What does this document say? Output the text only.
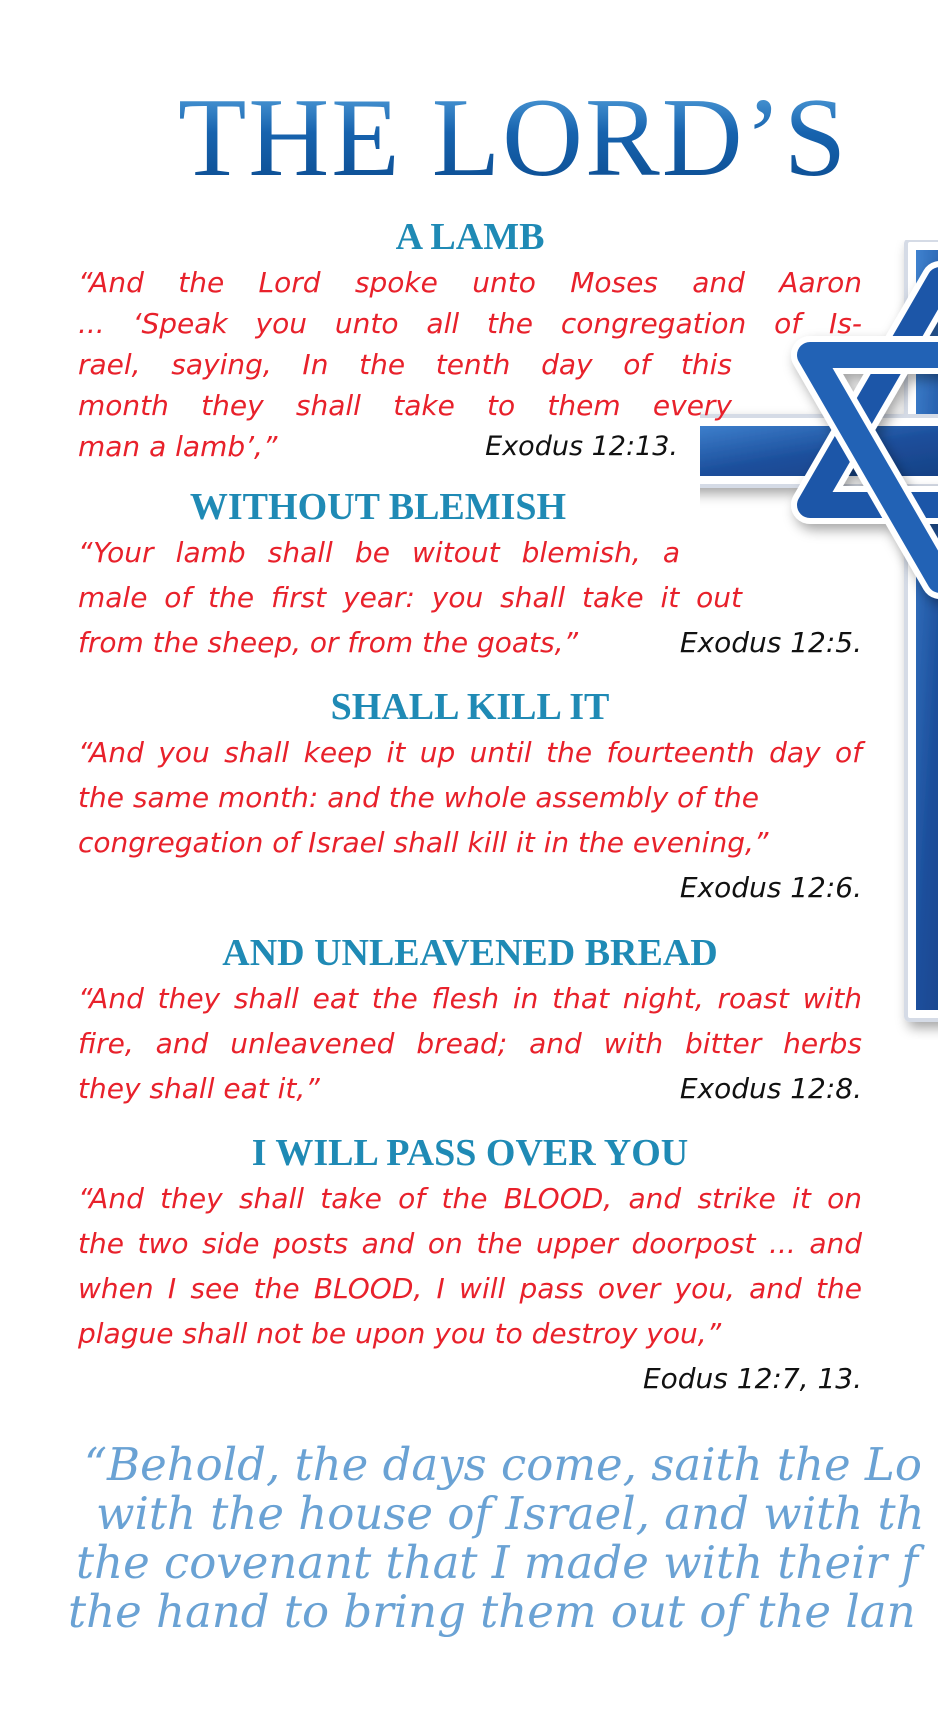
THE LORD’S
A LAMB
“And the Lord spoke unto Moses and Aaron
... ‘Speak you unto all the congregation of Is-
rael, saying, In the tenth day of this
month they shall take to them every
man a lamb’,”	Exodus 12:13.
WITHOUT BLEMISH
“Your lamb shall be witout blemish, a
male of the first year: you shall take it out
from the sheep, or from the goats,”	Exodus 12:5.
SHALL KILL IT
“And you shall keep it up until the fourteenth day of
the same month: and the whole assembly of the
congregation of Israel shall kill it in the evening,”
Exodus 12:6.
AND UNLEAVENED BREAD
“And they shall eat the flesh in that night, roast with
fire, and unleavened bread; and with bitter herbs
they shall eat it,”	Exodus 12:8.
I WILL PASS OVER YOU
“And they shall take of the BLOOD, and strike it on
the two side posts and on the upper doorpost ... and
when I see the BLOOD, I will pass over you, and the
plague shall not be upon you to destroy you,”
Eodus 12:7, 13.
“Behold, the days come, saith the Lo
with the house of Israel, and with th
the covenant that I made with their f
the hand to bring them out of the lan
